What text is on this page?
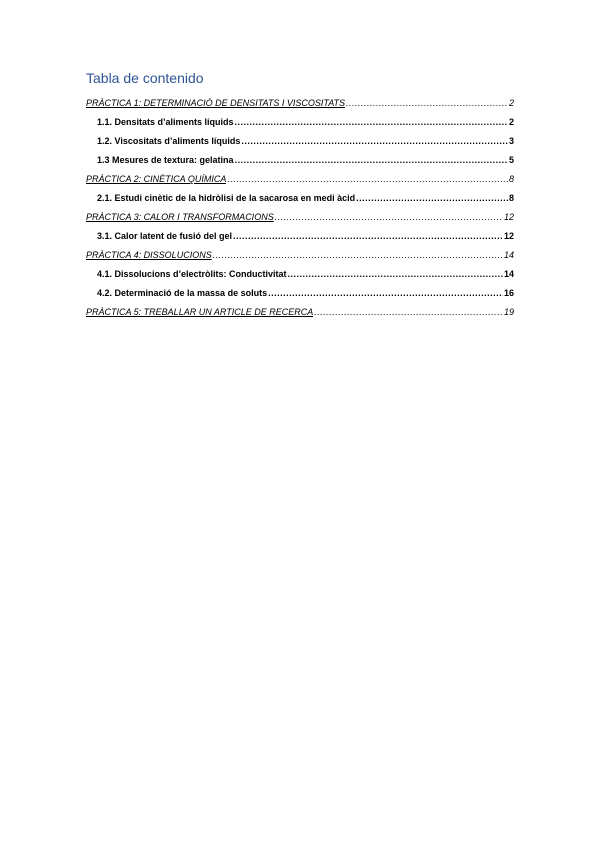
Tabla de contenido
PRÀCTICA 1: DETERMINACIÓ DE DENSITATS I VISCOSITATS .....	2
1.1. Densitats d’aliments líquids .....	2
1.2. Viscositats d’aliments líquids .....	3
1.3 Mesures de textura: gelatina .....	5
PRÀCTICA 2: CINÈTICA QUÍMICA .....	8
2.1. Estudi cinètic de la hidròlisi de la sacarosa en medi àcid .....	8
PRÀCTICA 3: CALOR I TRANSFORMACIONS .....	12
3.1. Calor latent de fusió del gel .....	12
PRÀCTICA 4: DISSOLUCIONS .....	14
4.1. Dissolucions d’electròlits: Conductivitat .....	14
4.2. Determinació de la massa de soluts .....	16
PRÀCTICA 5: TREBALLAR UN ARTICLE DE RECERCA .....	19
